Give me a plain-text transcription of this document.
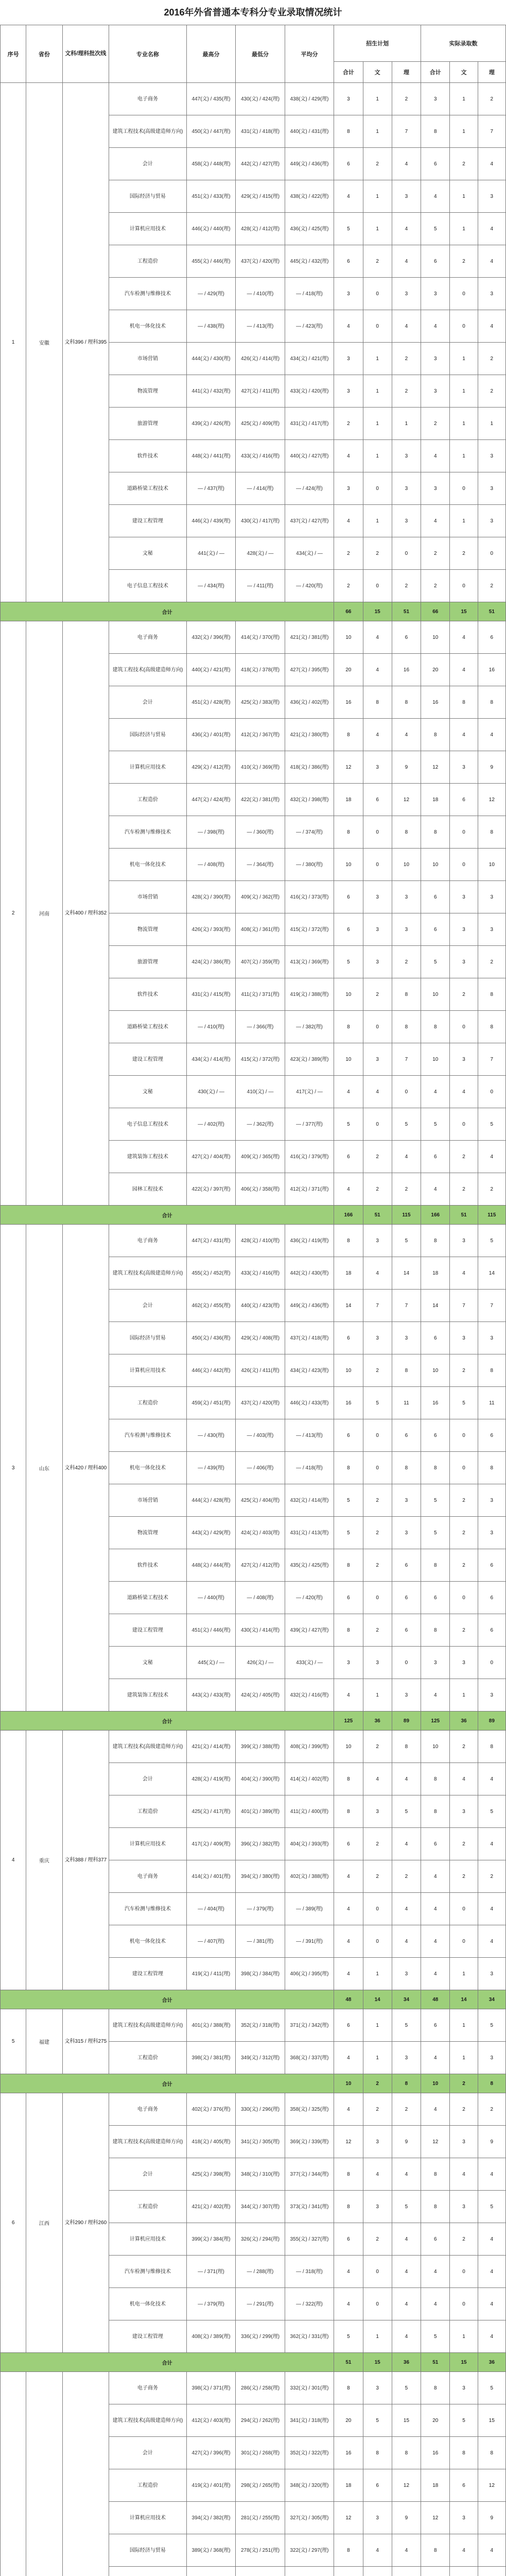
2016年外省普通本专科分专业录取情况统计
序号	省份	文科/理科批次线	专业名称	最高分	最低分	平均分	招生计划			实际录取数		
							合计	文	理	合计	文	理
1	安徽	文科396 / 理科395	电子商务	447(文) / 435(理)	430(文) / 424(理)	438(文) / 429(理)	3	1	2	3	1	2
			建筑工程技术(高级建造师方向)	450(文) / 447(理)	431(文) / 418(理)	440(文) / 431(理)	8	1	7	8	1	7
			会计	458(文) / 448(理)	442(文) / 427(理)	449(文) / 436(理)	6	2	4	6	2	4
			国际经济与贸易	451(文) / 433(理)	429(文) / 415(理)	438(文) / 422(理)	4	1	3	4	1	3
			计算机应用技术	446(文) / 440(理)	428(文) / 412(理)	436(文) / 425(理)	5	1	4	5	1	4
			工程造价	455(文) / 446(理)	437(文) / 420(理)	445(文) / 432(理)	6	2	4	6	2	4
			汽车检测与维修技术	— / 429(理)	— / 410(理)	— / 418(理)	3	0	3	3	0	3
			机电一体化技术	— / 438(理)	— / 413(理)	— / 423(理)	4	0	4	4	0	4
			市场营销	444(文) / 430(理)	426(文) / 414(理)	434(文) / 421(理)	3	1	2	3	1	2
			物流管理	441(文) / 432(理)	427(文) / 411(理)	433(文) / 420(理)	3	1	2	3	1	2
			旅游管理	439(文) / 426(理)	425(文) / 409(理)	431(文) / 417(理)	2	1	1	2	1	1
			软件技术	448(文) / 441(理)	433(文) / 416(理)	440(文) / 427(理)	4	1	3	4	1	3
			道路桥梁工程技术	— / 437(理)	— / 414(理)	— / 424(理)	3	0	3	3	0	3
			建设工程管理	446(文) / 439(理)	430(文) / 417(理)	437(文) / 427(理)	4	1	3	4	1	3
			文秘	441(文) / —	428(文) / —	434(文) / —	2	2	0	2	2	0
			电子信息工程技术	— / 434(理)	— / 411(理)	— / 420(理)	2	0	2	2	0	2
合计							66	15	51	66	15	51
2	河南	文科400 / 理科352	电子商务	432(文) / 396(理)	414(文) / 370(理)	421(文) / 381(理)	10	4	6	10	4	6
			建筑工程技术(高级建造师方向)	440(文) / 421(理)	418(文) / 378(理)	427(文) / 395(理)	20	4	16	20	4	16
			会计	451(文) / 428(理)	425(文) / 383(理)	436(文) / 402(理)	16	8	8	16	8	8
			国际经济与贸易	436(文) / 401(理)	412(文) / 367(理)	421(文) / 380(理)	8	4	4	8	4	4
			计算机应用技术	429(文) / 412(理)	410(文) / 369(理)	418(文) / 386(理)	12	3	9	12	3	9
			工程造价	447(文) / 424(理)	422(文) / 381(理)	432(文) / 398(理)	18	6	12	18	6	12
			汽车检测与维修技术	— / 398(理)	— / 360(理)	— / 374(理)	8	0	8	8	0	8
			机电一体化技术	— / 408(理)	— / 364(理)	— / 380(理)	10	0	10	10	0	10
			市场营销	428(文) / 390(理)	409(文) / 362(理)	416(文) / 373(理)	6	3	3	6	3	3
			物流管理	426(文) / 393(理)	408(文) / 361(理)	415(文) / 372(理)	6	3	3	6	3	3
			旅游管理	424(文) / 386(理)	407(文) / 359(理)	413(文) / 369(理)	5	3	2	5	3	2
			软件技术	431(文) / 415(理)	411(文) / 371(理)	419(文) / 388(理)	10	2	8	10	2	8
			道路桥梁工程技术	— / 410(理)	— / 366(理)	— / 382(理)	8	0	8	8	0	8
			建设工程管理	434(文) / 414(理)	415(文) / 372(理)	423(文) / 389(理)	10	3	7	10	3	7
			文秘	430(文) / —	410(文) / —	417(文) / —	4	4	0	4	4	0
			电子信息工程技术	— / 402(理)	— / 362(理)	— / 377(理)	5	0	5	5	0	5
			建筑装饰工程技术	427(文) / 404(理)	409(文) / 365(理)	416(文) / 379(理)	6	2	4	6	2	4
			园林工程技术	422(文) / 397(理)	406(文) / 358(理)	412(文) / 371(理)	4	2	2	4	2	2
合计							166	51	115	166	51	115
3	山东	文科420 / 理科400	电子商务	447(文) / 431(理)	428(文) / 410(理)	436(文) / 419(理)	8	3	5	8	3	5
			建筑工程技术(高级建造师方向)	455(文) / 452(理)	433(文) / 416(理)	442(文) / 430(理)	18	4	14	18	4	14
			会计	462(文) / 455(理)	440(文) / 423(理)	449(文) / 436(理)	14	7	7	14	7	7
			国际经济与贸易	450(文) / 436(理)	429(文) / 408(理)	437(文) / 418(理)	6	3	3	6	3	3
			计算机应用技术	446(文) / 442(理)	426(文) / 411(理)	434(文) / 423(理)	10	2	8	10	2	8
			工程造价	459(文) / 451(理)	437(文) / 420(理)	446(文) / 433(理)	16	5	11	16	5	11
			汽车检测与维修技术	— / 430(理)	— / 403(理)	— / 413(理)	6	0	6	6	0	6
			机电一体化技术	— / 439(理)	— / 406(理)	— / 418(理)	8	0	8	8	0	8
			市场营销	444(文) / 428(理)	425(文) / 404(理)	432(文) / 414(理)	5	2	3	5	2	3
			物流管理	443(文) / 429(理)	424(文) / 403(理)	431(文) / 413(理)	5	2	3	5	2	3
			软件技术	448(文) / 444(理)	427(文) / 412(理)	435(文) / 425(理)	8	2	6	8	2	6
			道路桥梁工程技术	— / 440(理)	— / 408(理)	— / 420(理)	6	0	6	6	0	6
			建设工程管理	451(文) / 446(理)	430(文) / 414(理)	439(文) / 427(理)	8	2	6	8	2	6
			文秘	445(文) / —	426(文) / —	433(文) / —	3	3	0	3	3	0
			建筑装饰工程技术	443(文) / 433(理)	424(文) / 405(理)	432(文) / 416(理)	4	1	3	4	1	3
合计							125	36	89	125	36	89
4	重庆	文科388 / 理科377	建筑工程技术(高级建造师方向)	421(文) / 414(理)	399(文) / 388(理)	408(文) / 399(理)	10	2	8	10	2	8
			会计	428(文) / 419(理)	404(文) / 390(理)	414(文) / 402(理)	8	4	4	8	4	4
			工程造价	425(文) / 417(理)	401(文) / 389(理)	411(文) / 400(理)	8	3	5	8	3	5
			计算机应用技术	417(文) / 409(理)	396(文) / 382(理)	404(文) / 393(理)	6	2	4	6	2	4
			电子商务	414(文) / 401(理)	394(文) / 380(理)	402(文) / 388(理)	4	2	2	4	2	2
			汽车检测与维修技术	— / 404(理)	— / 379(理)	— / 389(理)	4	0	4	4	0	4
			机电一体化技术	— / 407(理)	— / 381(理)	— / 391(理)	4	0	4	4	0	4
			建设工程管理	419(文) / 411(理)	398(文) / 384(理)	406(文) / 395(理)	4	1	3	4	1	3
合计							48	14	34	48	14	34
5	福建	文科315 / 理科275	建筑工程技术(高级建造师方向)	401(文) / 388(理)	352(文) / 318(理)	371(文) / 342(理)	6	1	5	6	1	5
			工程造价	398(文) / 381(理)	349(文) / 312(理)	368(文) / 337(理)	4	1	3	4	1	3
合计							10	2	8	10	2	8
6	江西	文科290 / 理科260	电子商务	402(文) / 376(理)	330(文) / 296(理)	358(文) / 325(理)	4	2	2	4	2	2
			建筑工程技术(高级建造师方向)	418(文) / 405(理)	341(文) / 305(理)	369(文) / 339(理)	12	3	9	12	3	9
			会计	425(文) / 398(理)	348(文) / 310(理)	377(文) / 344(理)	8	4	4	8	4	4
			工程造价	421(文) / 402(理)	344(文) / 307(理)	373(文) / 341(理)	8	3	5	8	3	5
			计算机应用技术	399(文) / 384(理)	326(文) / 294(理)	355(文) / 327(理)	6	2	4	6	2	4
			汽车检测与维修技术	— / 371(理)	— / 288(理)	— / 318(理)	4	0	4	4	0	4
			机电一体化技术	— / 379(理)	— / 291(理)	— / 322(理)	4	0	4	4	0	4
			建设工程管理	408(文) / 389(理)	336(文) / 299(理)	362(文) / 331(理)	5	1	4	5	1	4
合计							51	15	36	51	15	36
			电子商务	398(文) / 371(理)	286(文) / 258(理)	332(文) / 301(理)	8	3	5	8	3	5
			建筑工程技术(高级建造师方向)	412(文) / 403(理)	294(文) / 262(理)	341(文) / 318(理)	20	5	15	20	5	15
			会计	427(文) / 396(理)	301(文) / 268(理)	352(文) / 322(理)	16	8	8	16	8	8
			工程造价	419(文) / 401(理)	298(文) / 265(理)	348(文) / 320(理)	18	6	12	18	6	12
			计算机应用技术	394(文) / 382(理)	281(文) / 255(理)	327(文) / 305(理)	12	3	9	12	3	9
			国际经济与贸易	389(文) / 368(理)	278(文) / 251(理)	322(文) / 297(理)	8	4	4	8	4	4
